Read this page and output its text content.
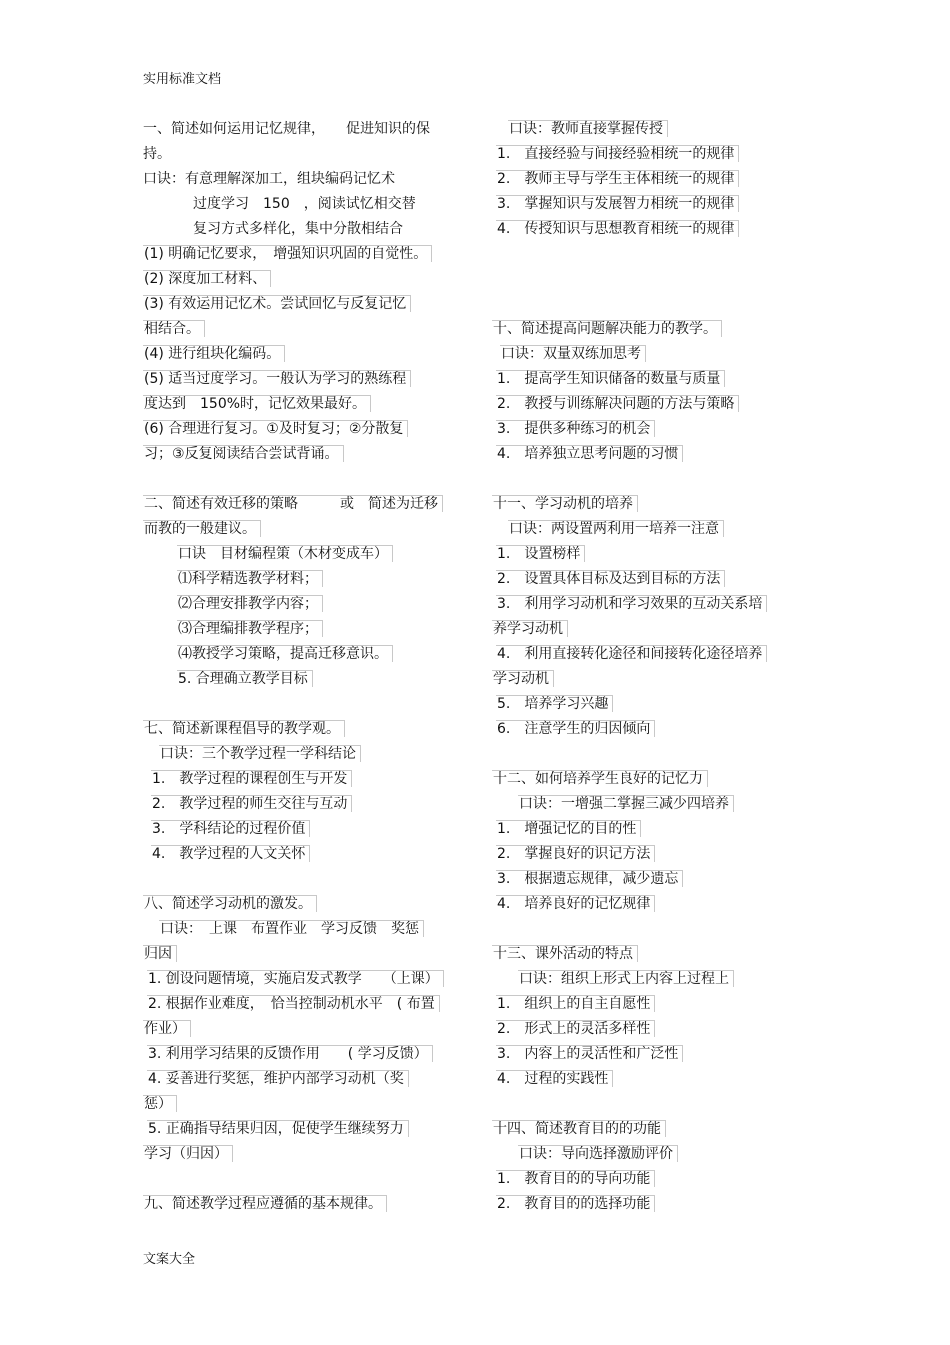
实用标准文档
一、简述如何运用记忆规律，　　促进知识的保
持。
口诀：有意理解深加工，组块编码记忆术
过度学习　150　，阅读试忆相交替
复习方式多样化，集中分散相结合
(1) 明确记忆要求，　增强知识巩固的自觉性。
(2) 深度加工材料、
(3) 有效运用记忆术。尝试回忆与反复记忆
相结合。
(4) 进行组块化编码。
(5) 适当过度学习。一般认为学习的熟练程
度达到　150%时，记忆效果最好。
(6) 合理进行复习。①及时复习；②分散复
习；③反复阅读结合尝试背诵。
二、简述有效迁移的策略　　　或　简述为迁移
而教的一般建议。
口诀　目材编程策（木材变成车）
⑴科学精选教学材料；
⑵合理安排教学内容；
⑶合理编排教学程序；
⑷教授学习策略，提高迁移意识。
5. 合理确立教学目标
七、简述新课程倡导的教学观。
口诀：三个教学过程一学科结论
1.　教学过程的课程创生与开发
2.　教学过程的师生交往与互动
3.　学科结论的过程价值
4.　教学过程的人文关怀
八、简述学习动机的激发。
口诀：　上课　布置作业　学习反馈　奖惩
归因
1. 创设问题情境，实施启发式教学　　（上课）
2. 根据作业难度，　恰当控制动机水平　( 布置
作业）
3. 利用学习结果的反馈作用　　( 学习反馈）
4. 妥善进行奖惩，维护内部学习动机（奖
惩）
5. 正确指导结果归因，促使学生继续努力
学习（归因）
九、简述教学过程应遵循的基本规律。
口诀：教师直接掌握传授
1.　直接经验与间接经验相统一的规律
2.　教师主导与学生主体相统一的规律
3.　掌握知识与发展智力相统一的规律
4.　传授知识与思想教育相统一的规律
十、简述提高问题解决能力的教学。
口诀：双量双练加思考
1.　提高学生知识储备的数量与质量
2.　教授与训练解决问题的方法与策略
3.　提供多种练习的机会
4.　培养独立思考问题的习惯
十一、学习动机的培养
口诀：两设置两利用一培养一注意
1.　设置榜样
2.　设置具体目标及达到目标的方法
3.　利用学习动机和学习效果的互动关系培
养学习动机
4.　利用直接转化途径和间接转化途径培养
学习动机
5.　培养学习兴趣
6.　注意学生的归因倾向
十二、如何培养学生良好的记忆力
口诀：一增强二掌握三减少四培养
1.　增强记忆的目的性
2.　掌握良好的识记方法
3.　根据遗忘规律，减少遗忘
4.　培养良好的记忆规律
十三、课外活动的特点
口诀：组织上形式上内容上过程上
1.　组织上的自主自愿性
2.　形式上的灵活多样性
3.　内容上的灵活性和广泛性
4.　过程的实践性
十四、简述教育目的的功能
口诀：导向选择激励评价
1.　教育目的的导向功能
2.　教育目的的选择功能
文案大全
